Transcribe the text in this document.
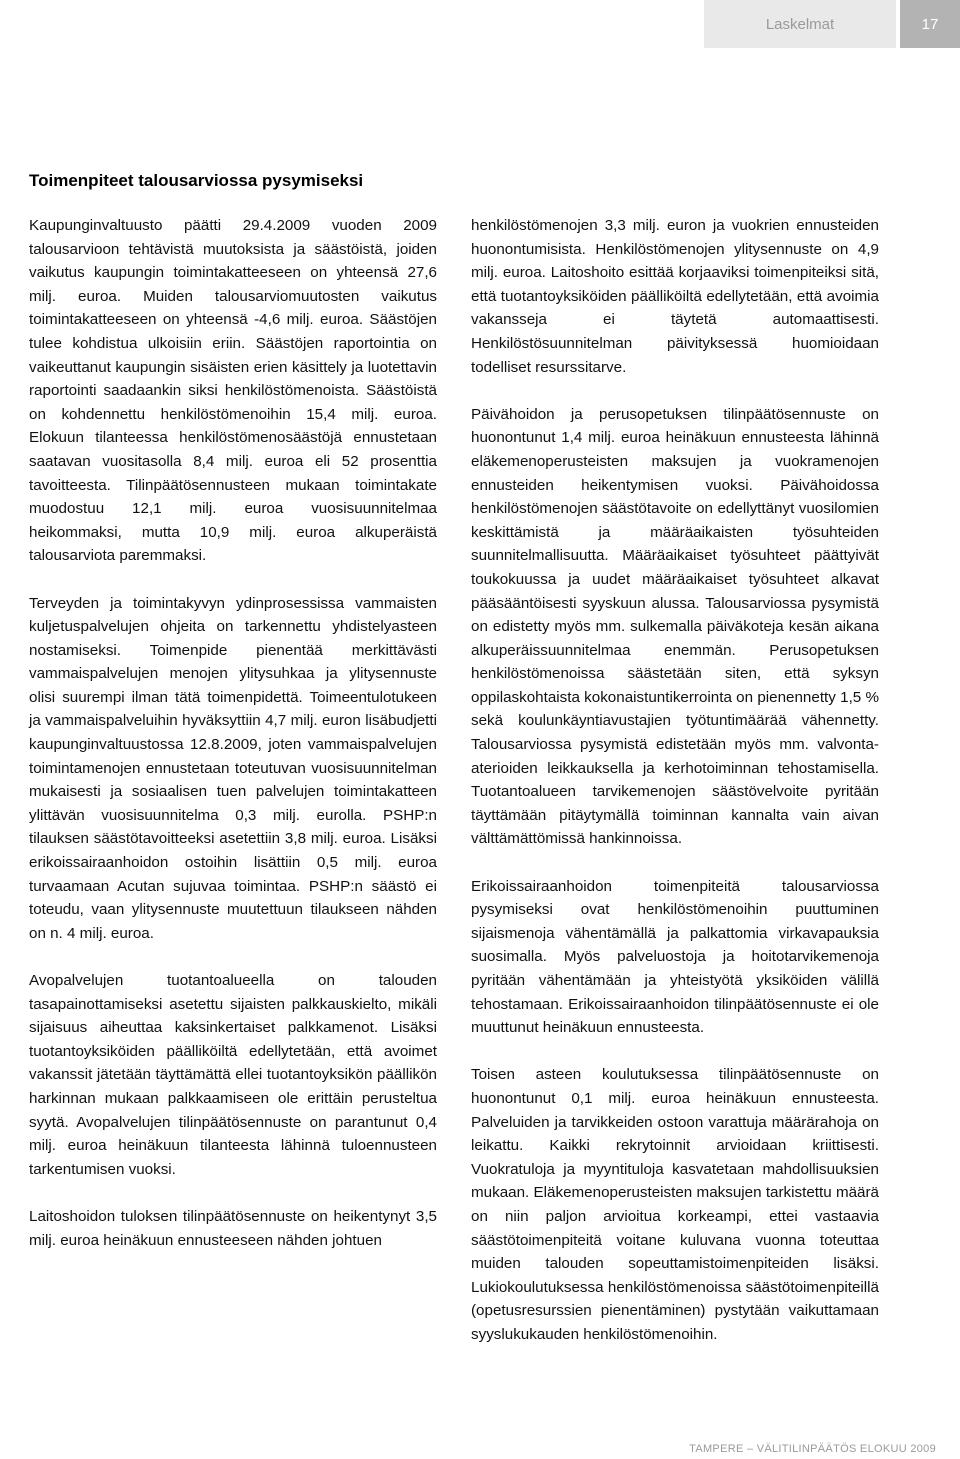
Laskelmat	17
Toimenpiteet talousarviossa pysymiseksi

Kaupunginvaltuusto päätti 29.4.2009 vuoden 2009 talousarvioon tehtävistä muutoksista ja säästöistä, joiden vaikutus kaupungin toimintakatteeseen on yhteensä 27,6 milj. euroa. Muiden talousarviomuutosten vaikutus toimintakatteeseen on yhteensä -4,6 milj. euroa. Säästöjen tulee kohdistua ulkoisiin eriin. Säästöjen raportointia on vaikeuttanut kaupungin sisäisten erien käsittely ja luotettavin raportointi saadaankin siksi henkilöstömenoista. Säästöistä on kohdennettu henkilöstömenoihin 15,4 milj. euroa. Elokuun tilanteessa henkilöstömenosäästöjä ennustetaan saatavan vuositasolla 8,4 milj. euroa eli 52 prosenttia tavoitteesta. Tilinpäätösennusteen mukaan toimintakate muodostuu 12,1 milj. euroa vuosisuunnitelmaa heikommaksi, mutta 10,9 milj. euroa alkuperäistä talousarviota paremmaksi.

Terveyden ja toimintakyvyn ydinprosessissa vammaisten kuljetuspalvelujen ohjeita on tarkennettu yhdistelyasteen nostamiseksi. Toimenpide pienentää merkittävästi vammaispalvelujen menojen ylitysuhkaa ja ylitysennuste olisi suurempi ilman tätä toimenpidettä. Toimeentulotukeen ja vammaispalveluihin hyväksyttiin 4,7 milj. euron lisäbudjetti kaupunginvaltuustossa 12.8.2009, joten vammaispalvelujen toimintamenojen ennustetaan toteutuvan vuosisuunnitelman mukaisesti ja sosiaalisen tuen palvelujen toimintakatteen ylittävän vuosisuunnitelma 0,3 milj. eurolla. PSHP:n tilauksen säästötavoitteeksi asetettiin 3,8 milj. euroa. Lisäksi erikoissairaanhoidon ostoihin lisättiin 0,5 milj. euroa turvaamaan Acutan sujuvaa toimintaa. PSHP:n säästö ei toteudu, vaan ylitysennuste muutettuun tilaukseen nähden on n. 4 milj. euroa.

Avopalvelujen tuotantoalueella on talouden tasapainottamiseksi asetettu sijaisten palkkauskielto, mikäli sijaisuus aiheuttaa kaksinkertaiset palkkamenot. Lisäksi tuotantoyksiköiden päälliköiltä edellytetään, että avoimet vakanssit jätetään täyttämättä ellei tuotantoyksikön päällikön harkinnan mukaan palkkaamiseen ole erittäin perusteltua syytä. Avopalvelujen tilinpäätösennuste on parantunut 0,4 milj. euroa heinäkuun tilanteesta lähinnä tuloennusteen tarkentumisen vuoksi.

Laitoshoidon tuloksen tilinpäätösennuste on heikentynyt 3,5 milj. euroa heinäkuun ennusteeseen nähden johtuen

henkilöstömenojen 3,3 milj. euron ja vuokrien ennusteiden huonontumisista. Henkilöstömenojen ylitysennuste on 4,9 milj. euroa. Laitoshoito esittää korjaaviksi toimenpiteiksi sitä, että tuotantoyksiköiden päälliköiltä edellytetään, että avoimia vakansseja ei täytetä automaattisesti. Henkilöstösuunnitelman päivityksessä huomioidaan todelliset resurssitarve.

Päivähoidon ja perusopetuksen tilinpäätösennuste on huonontunut 1,4 milj. euroa heinäkuun ennusteesta lähinnä eläkemenoperusteisten maksujen ja vuokramenojen ennusteiden heikentymisen vuoksi. Päivähoidossa henkilöstömenojen säästötavoite on edellyttänyt vuosilomien keskittämistä ja määräaikaisten työsuhteiden suunnitelmallisuutta. Määräaikaiset työsuhteet päättyivät toukokuussa ja uudet määräaikaiset työsuhteet alkavat pääsääntöisesti syyskuun alussa. Talousarviossa pysymistä on edistetty myös mm. sulkemalla päiväkoteja kesän aikana alkuperäissuunnitelmaa enemmän. Perusopetuksen henkilöstömenoissa säästetään siten, että syksyn oppilaskohtaista kokonaistuntikerrointa on pienennetty 1,5 % sekä koulunkäyntiavustajien työtuntimäärää vähennetty. Talousarviossa pysymistä edistetään myös mm. valvonta-aterioiden leikkauksella ja kerhotoiminnan tehostamisella. Tuotantoalueen tarvikemenojen säästövelvoite pyritään täyttämään pitäytymällä toiminnan kannalta vain aivan välttämättömissä hankinnoissa.

Erikoissairaanhoidon toimenpiteitä talousarviossa pysymiseksi ovat henkilöstömenoihin puuttuminen sijaismenoja vähentämällä ja palkattomia virkavapauksia suosimalla. Myös palveluostoja ja hoitotarvikemenoja pyritään vähentämään ja yhteistyötä yksiköiden välillä tehostamaan. Erikoissairaanhoidon tilinpäätösennuste ei ole muuttunut heinäkuun ennusteesta.

Toisen asteen koulutuksessa tilinpäätösennuste on huonontunut 0,1 milj. euroa heinäkuun ennusteesta. Palveluiden ja tarvikkeiden ostoon varattuja määrärahoja on leikattu. Kaikki rekrytoinnit arvioidaan kriittisesti. Vuokratuloja ja myyntituloja kasvatetaan mahdollisuuksien mukaan. Eläkemenoperusteisten maksujen tarkistettu määrä on niin paljon arvioitua korkeampi, ettei vastaavia säästötoimenpiteitä voitane kuluvana vuonna toteuttaa muiden talouden sopeuttamistoimenpiteiden lisäksi. Lukiokoulutuksessa henkilöstömenoissa säästötoimenpiteillä (opetusresurssien pienentäminen) pystytään vaikuttamaan syyslukukauden henkilöstömenoihin.

TAMPERE – VÄLITILINPÄÄTÖS ELOKUU 2009
